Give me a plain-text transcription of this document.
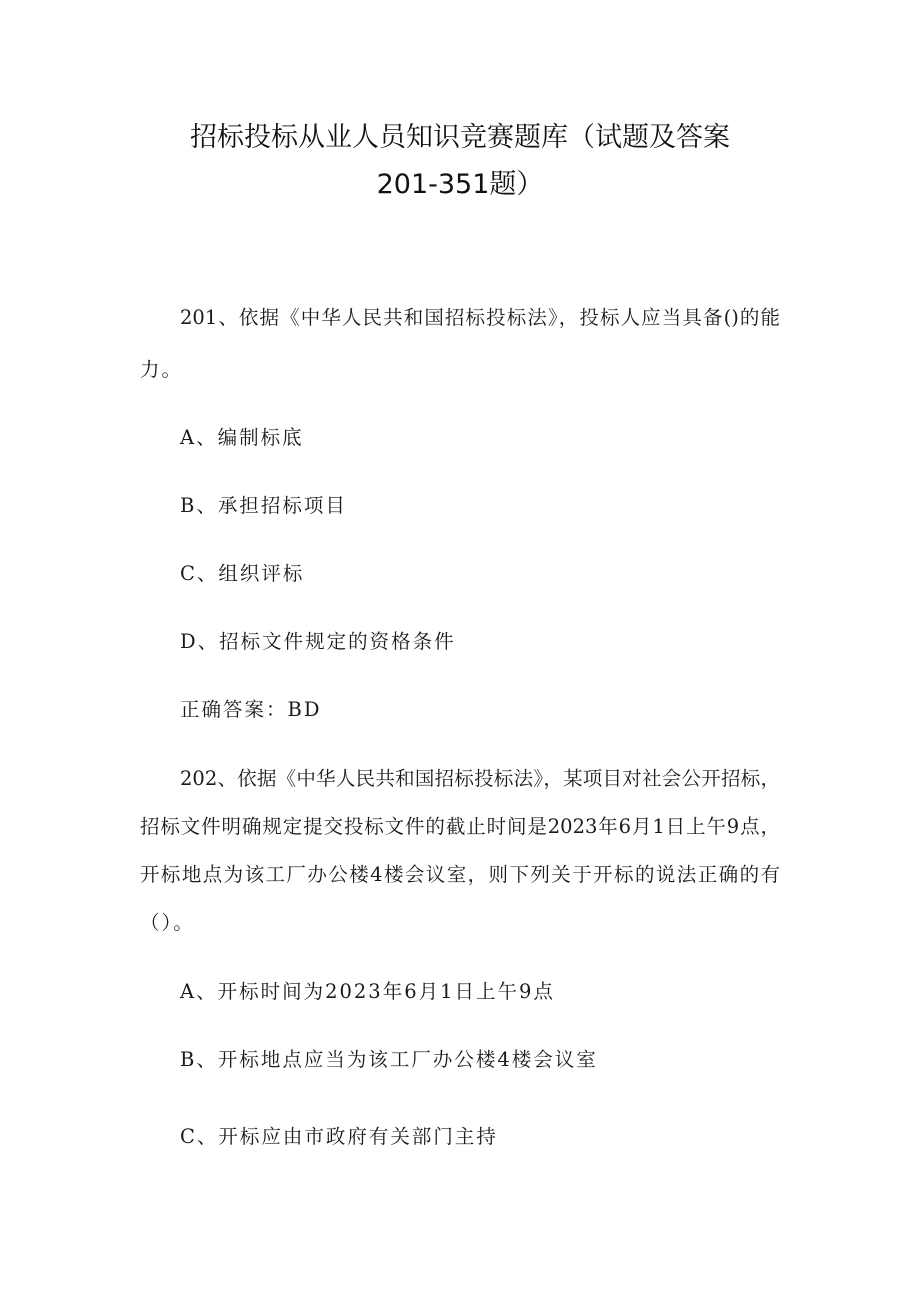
招标投标从业人员知识竞赛题库（试题及答案
201-351题）
201、依据《中华人民共和国招标投标法》，投标人应当具备()的能
力。
A、编制标底
B、承担招标项目
C、组织评标
D、招标文件规定的资格条件
正确答案：BD
202、依据《中华人民共和国招标投标法》，某项目对社会公开招标，
招标文件明确规定提交投标文件的截止时间是2023年6月1日上午9点，
开标地点为该工厂办公楼4楼会议室，则下列关于开标的说法正确的有
（）。
A、开标时间为2023年6月1日上午9点
B、开标地点应当为该工厂办公楼4楼会议室
C、开标应由市政府有关部门主持
